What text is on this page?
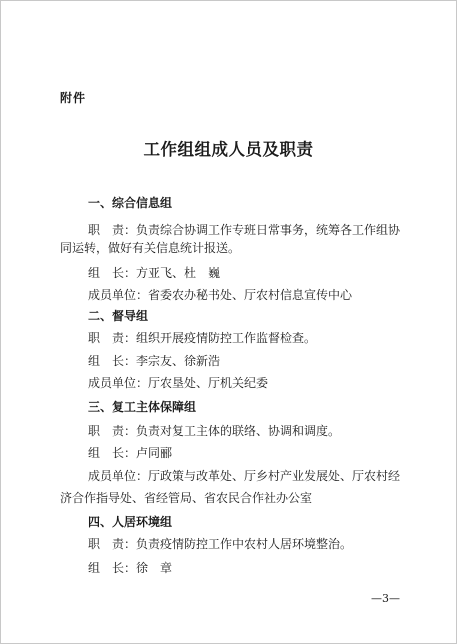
附件
工作组组成人员及职责
一、综合信息组
职　责：负责综合协调工作专班日常事务，统筹各工作组协
同运转，做好有关信息统计报送。
组　长：方亚飞、杜　巍
成员单位：省委农办秘书处、厅农村信息宣传中心
二、督导组
职　责：组织开展疫情防控工作监督检查。
组　长：李宗友、徐新浩
成员单位：厅农垦处、厅机关纪委
三、复工主体保障组
职　责：负责对复工主体的联络、协调和调度。
组　长：卢同郦
成员单位：厅政策与改革处、厅乡村产业发展处、厅农村经
济合作指导处、省经管局、省农民合作社办公室
四、人居环境组
职　责：负责疫情防控工作中农村人居环境整治。
组　长：徐　章
—3—
